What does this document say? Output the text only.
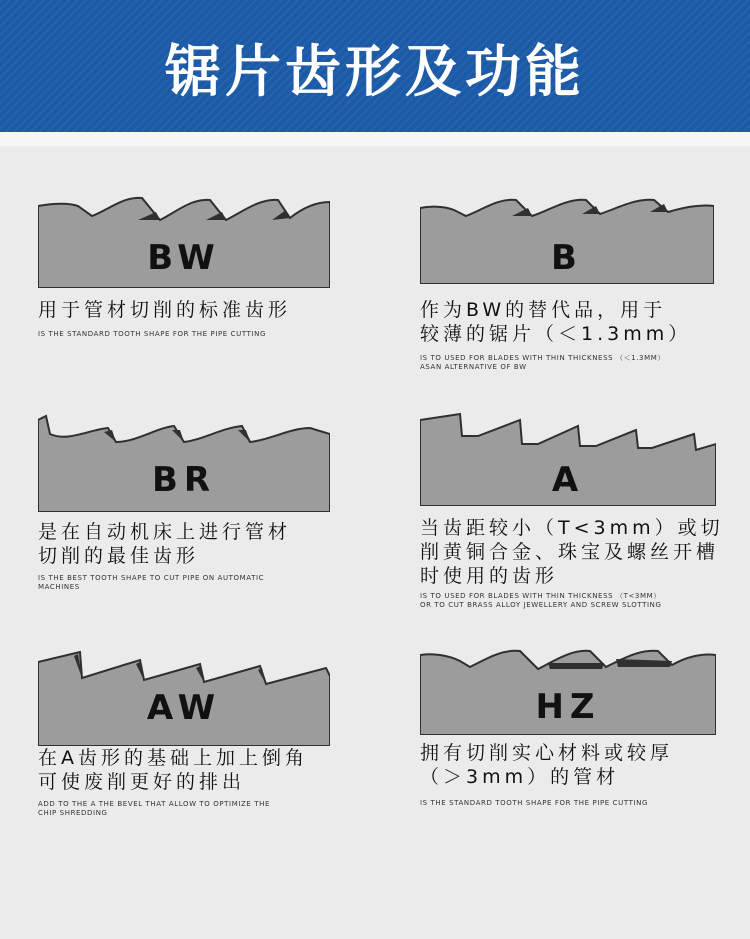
锯片齿形及功能
BW
用于管材切削的标准齿形
IS THE STANDARD TOOTH SHAPE FOR THE PIPE CUTTING
B
作为BW的替代品，用于
较薄的锯片（＜1.3mm）
IS TO USED FOR BLADES WITH THIN THICKNESS （＜1.3MM）
ASAN ALTERNATIVE OF BW
BR
是在自动机床上进行管材
切削的最佳齿形
IS THE BEST TOOTH SHAPE TO CUT PIPE ON AUTOMATIC
MACHINES
A
当齿距较小（T<3mm）或切
削黄铜合金、珠宝及螺丝开槽
时使用的齿形
IS TO USED FOR BLADES WITH THIN THICKNESS （T<3MM）
OR TO CUT BRASS ALLOY JEWELLERY AND SCREW SLOTTING
AW
在A齿形的基础上加上倒角
可使废削更好的排出
ADD TO THE A THE BEVEL THAT ALLOW TO OPTIMIZE THE
CHIP SHREDDING
HZ
拥有切削实心材料或较厚
（＞3mm）的管材
IS THE STANDARD TOOTH SHAPE FOR THE PIPE CUTTING
